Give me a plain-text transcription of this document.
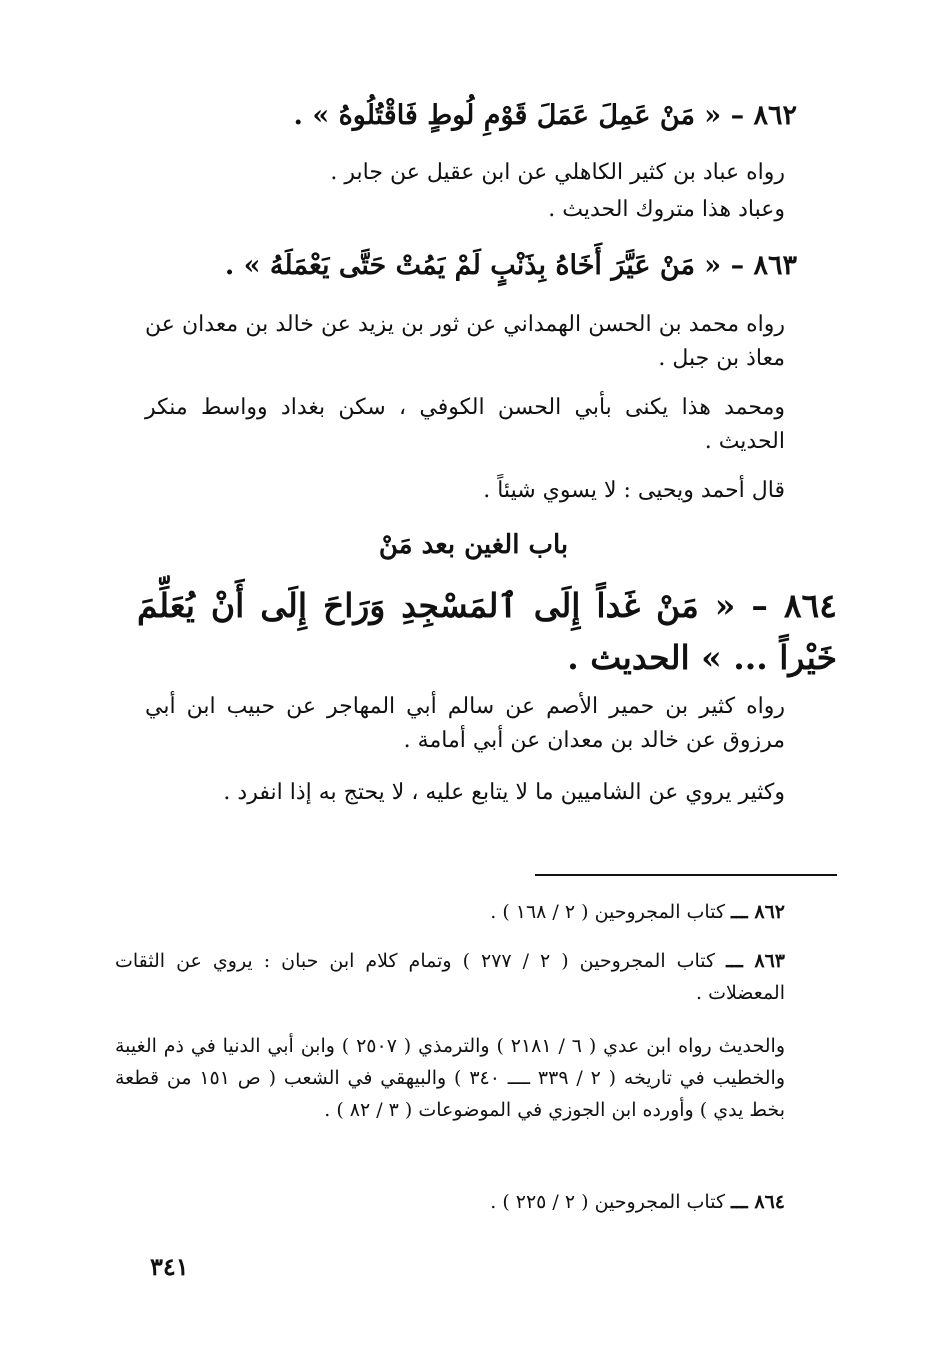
٨٦٢ – « مَنْ عَمِلَ عَمَلَ قَوْمِ لُوطٍ فَاقْتُلُوهُ » .
رواه عباد بن كثير الكاهلي عن ابن عقيل عن جابر .
وعباد هذا متروك الحديث .
٨٦٣ – « مَنْ عَيَّرَ أَخَاهُ بِذَنْبٍ لَمْ يَمُتْ حَتَّى يَعْمَلَهُ » .
رواه محمد بن الحسن الهمداني عن ثور بن يزيد عن خالد بن معدان عن معاذ بن جبل .
ومحمد هذا يكنى بأبي الحسن الكوفي ، سكن بغداد وواسط منكر الحديث .
قال أحمد ويحيى : لا يسوي شيئاً .
باب الغين بعد مَنْ
٨٦٤ – « مَنْ غَداً إِلَى ٱلمَسْجِدِ وَرَاحَ إِلَى أَنْ يُعَلِّمَ خَيْراً ... » الحديث .
رواه كثير بن حمير الأصم عن سالم أبي المهاجر عن حبيب ابن أبي مرزوق عن خالد بن معدان عن أبي أمامة .
وكثير يروي عن الشاميين ما لا يتابع عليه ، لا يحتج به إذا انفرد .
٨٦٢ ـــ كتاب المجروحين ( ٢ / ١٦٨ ) .
٨٦٣ ـــ كتاب المجروحين ( ٢ / ٢٧٧ ) وتمام كلام ابن حبان : يروي عن الثقات المعضلات .
والحديث رواه ابن عدي ( ٦ / ٢١٨١ ) والترمذي ( ٢٥٠٧ ) وابن أبي الدنيا في ذم الغيبة والخطيب في تاريخه ( ٢ / ٣٣٩ ــــ ٣٤٠ ) والبيهقي في الشعب ( ص ١٥١ من قطعة بخط يدي ) وأورده ابن الجوزي في الموضوعات ( ٣ / ٨٢ ) .
٨٦٤ ـــ كتاب المجروحين ( ٢ / ٢٢٥ ) .
٣٤١
